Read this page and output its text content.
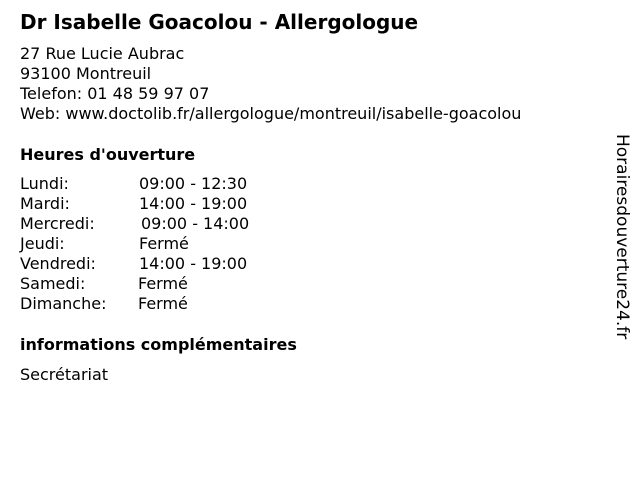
Dr Isabelle Goacolou - Allergologue
27 Rue Lucie Aubrac
93100 Montreuil
Telefon: 01 48 59 97 07
Web: www.doctolib.fr/allergologue/montreuil/isabelle-goacolou
Heures d'ouverture
Lundi:	09:00 - 12:30
Mardi:	14:00 - 19:00
Mercredi:	09:00 - 14:00
Jeudi:	Fermé
Vendredi:	14:00 - 19:00
Samedi:	Fermé
Dimanche: Fermé
informations complémentaires
Secrétariat
Horairesdouverture24.fr
